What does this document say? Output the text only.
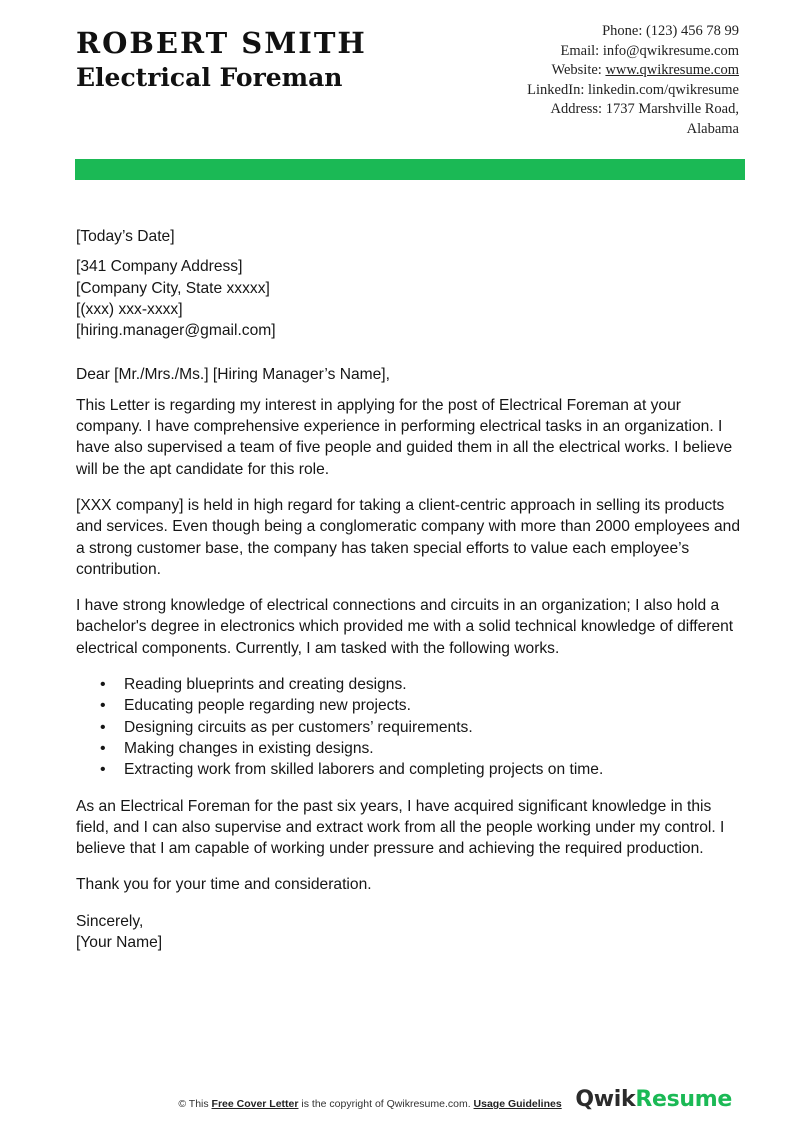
ROBERT SMITH
Electrical Foreman
Phone: (123) 456 78 99
Email: info@qwikresume.com
Website: www.qwikresume.com
LinkedIn: linkedin.com/qwikresume
Address: 1737 Marshville Road,
Alabama

[Today’s Date]

[341 Company Address]

[Company City, State xxxxx]

[(xxx) xxx-xxxx]

[hiring.manager@gmail.com]

Dear [Mr./Mrs./Ms.] [Hiring Manager’s Name],

This Letter is regarding my interest in applying for the post of Electrical Foreman at your company. I have comprehensive experience in performing electrical tasks in an organization. I have also supervised a team of five people and guided them in all the electrical works. I believe will be the apt candidate for this role.

[XXX company] is held in high regard for taking a client-centric approach in selling its products and services. Even though being a conglomeratic company with more than 2000 employees and a strong customer base, the company has taken special efforts to value each employee’s contribution.

I have strong knowledge of electrical connections and circuits in an organization; I also hold a bachelor's degree in electronics which provided me with a solid technical knowledge of different electrical components. Currently, I am tasked with the following works.

• Reading blueprints and creating designs.
• Educating people regarding new projects.
• Designing circuits as per customers’ requirements.
• Making changes in existing designs.
• Extracting work from skilled laborers and completing projects on time.

As an Electrical Foreman for the past six years, I have acquired significant knowledge in this field, and I can also supervise and extract work from all the people working under my control. I believe that I am capable of working under pressure and achieving the required production.

Thank you for your time and consideration.

Sincerely,

[Your Name]

© This Free Cover Letter is the copyright of Qwikresume.com. Usage Guidelines QwikResume
